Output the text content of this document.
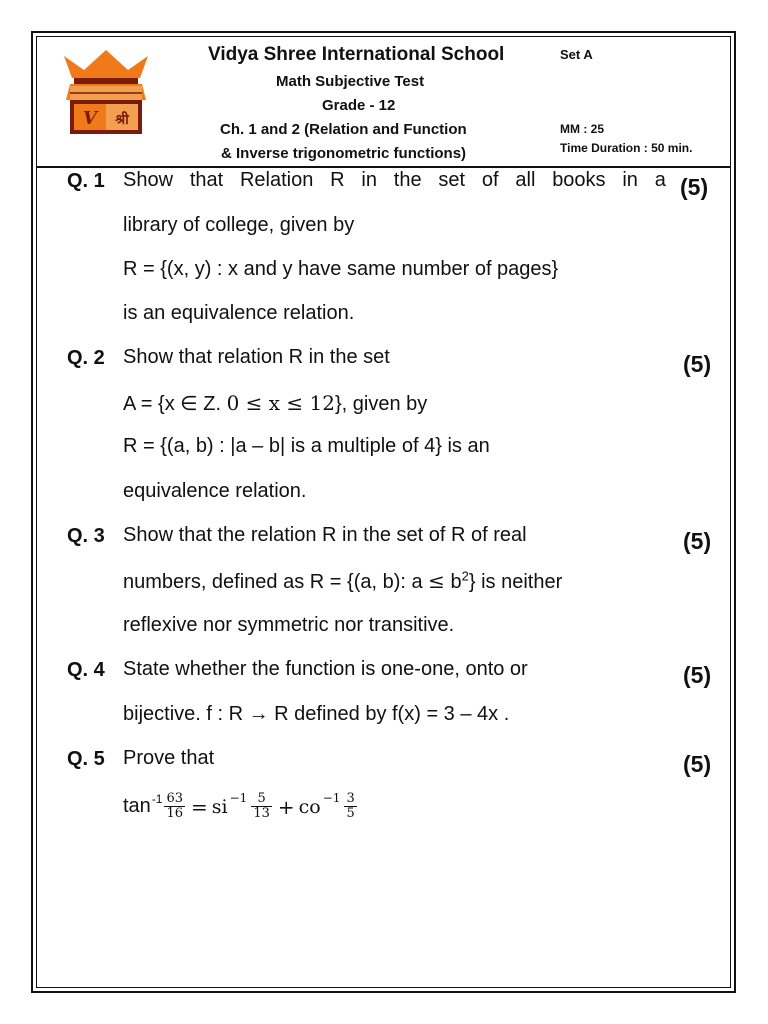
V श्री
Vidya Shree International School
Math Subjective Test
Grade - 12
Ch. 1 and 2 (Relation and Function
& Inverse trigonometric functions)
Set A
MM : 25
Time Duration : 50 min.
Q. 1	(5)
Show that Relation R in the set of all books in a
library of college, given by
R = {(x, y) : x and y have same number of pages}
is an equivalence relation.
Q. 2	(5)
Show that relation R in the set
A = {x ∈ Z. 0 ≤ x ≤ 12}, given by
R = {(a, b) : |a – b| is a multiple of 4} is an
equivalence relation.
Q. 3	(5)
Show that the relation R in the set of R of real
numbers, defined as R = {(a, b): $a \le b^2$} is neither
reflexive nor symmetric nor transitive.
Q. 4	(5)
State whether the function is one-one, onto or
bijective. f : R → R defined by f(x) = 3 – 4x .
Q. 5	(5)
Prove that
$\tan -1 \frac{63}{16}$ = si $-1 \frac{5}{13}$ + co $-1 \frac{3}{5}$
